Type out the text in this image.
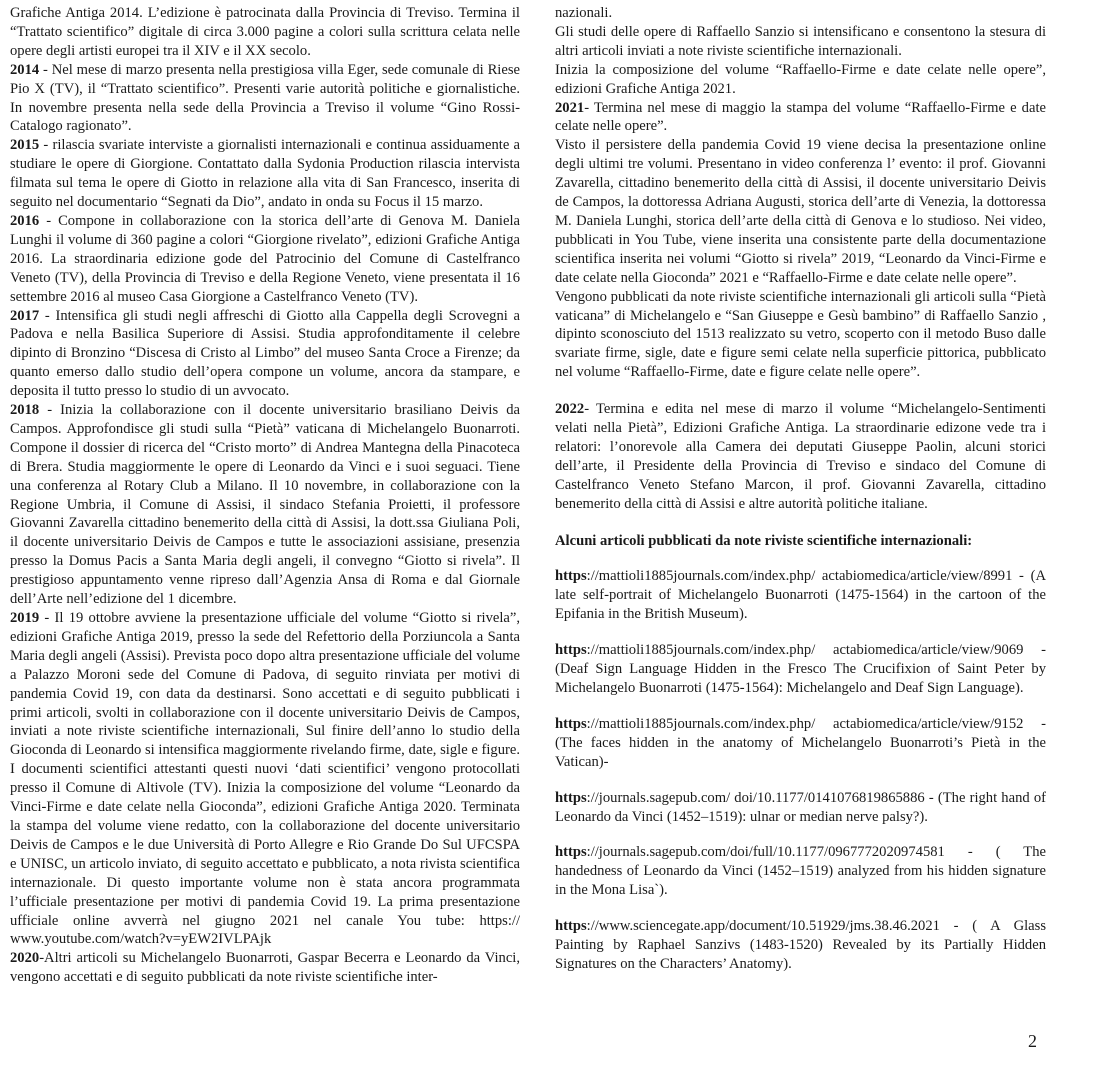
Grafiche Antiga 2014. L’edizione è patrocinata dalla Provincia di Treviso. Termina il “Trattato scientifico” digitale di circa 3.000 pagine a colori sulla scrittura celata nelle opere degli artisti europei tra il XIV e il XX secolo.

2014 - Nel mese di marzo presenta nella prestigiosa villa Eger, sede comunale di Riese Pio X (TV), il “Trattato scientifico”. Presenti varie autorità politiche e giornalistiche. In novembre presenta nella sede della Provincia a Treviso il volume “Gino Rossi-Catalogo ragionato”.

2015 - rilascia svariate interviste a giornalisti internazionali e continua assiduamente a studiare le opere di Giorgione. Contattato dalla Sydonia Production rilascia intervista filmata sul tema le opere di Giotto in relazione alla vita di San Francesco, inserita di seguito nel documentario “Segnati da Dio”, andato in onda su Focus il 15 marzo.

2016 - Compone in collaborazione con la storica dell’arte di Genova M. Daniela Lunghi il volume di 360 pagine a colori “Giorgione rivelato”, edizioni Grafiche Antiga 2016. La straordinaria edizione gode del Patrocinio del Comune di Castelfranco Veneto (TV), della Provincia di Treviso e della Regione Veneto, viene presentata il 16 settembre 2016 al museo Casa Giorgione a Castelfranco Veneto (TV).

2017 - Intensifica gli studi negli affreschi di Giotto alla Cappella degli Scrovegni a Padova e nella Basilica Superiore di Assisi. Studia approfonditamente il celebre dipinto di Bronzino “Discesa di Cristo al Limbo” del museo Santa Croce a Firenze; da quanto emerso dallo studio dell’opera compone un volume, ancora da stampare, e deposita il tutto presso lo studio di un avvocato.

2018 - Inizia la collaborazione con il docente universitario brasiliano Deivis da Campos. Approfondisce gli studi sulla “Pietà” vaticana di Michelangelo Buonarroti. Compone il dossier di ricerca del “Cristo morto” di Andrea Mantegna della Pinacoteca di Brera. Studia maggiormente le opere di Leonardo da Vinci e i suoi seguaci. Tiene una conferenza al Rotary Club a Milano. Il 10 novembre, in collaborazione con la Regione Umbria, il Comune di Assisi, il sindaco Stefania Proietti, il professore Giovanni Zavarella cittadino benemerito della città di Assisi, la dott.ssa Giuliana Poli, il docente universitario Deivis de Campos e tutte le associazioni assisiane, presenzia presso la Domus Pacis a Santa Maria degli angeli, il convegno “Giotto si rivela”. Il prestigioso appuntamento venne ripreso dall’Agenzia Ansa di Roma e dal Giornale dell’Arte nell’edizione del 1 dicembre.

2019 - Il 19 ottobre avviene la presentazione ufficiale del volume “Giotto si rivela”, edizioni Grafiche Antiga 2019, presso la sede del Refettorio della Porziuncola a Santa Maria degli angeli (Assisi). Prevista poco dopo altra presentazione ufficiale del volume a Palazzo Moroni sede del Comune di Padova, di seguito rinviata per motivi di pandemia Covid 19, con data da destinarsi. Sono accettati e di seguito pubblicati i primi articoli, svolti in collaborazione con il docente universitario Deivis de Campos, inviati a note riviste scientifiche internazionali, Sul finire dell’anno lo studio della Gioconda di Leonardo si intensifica maggiormente rivelando firme, date, sigle e figure. I documenti scientifici attestanti questi nuovi ‘dati scientifici’ vengono protocollati presso il Comune di Altivole (TV). Inizia la composizione del volume “Leonardo da Vinci-Firme e date celate nella Gioconda”, edizioni Grafiche Antiga 2020. Terminata la stampa del volume viene redatto, con la collaborazione del docente universitario Deivis de Campos e le due Università di Porto Allegre e Rio Grande Do Sul UFCSPA e UNISC, un articolo inviato, di seguito accettato e pubblicato, a nota rivista scientifica internazionale. Di questo importante volume non è stata ancora programmata l’ufficiale presentazione per motivi di pandemia Covid 19. La prima presentazione ufficiale online avverrà nel giugno 2021 nel canale You tube: https:// www.youtube.com/watch?v=yEW2IVLPAjk

2020-Altri articoli su Michelangelo Buonarroti, Gaspar Becerra e Leonardo da Vinci, vengono accettati e di seguito pubblicati da note riviste scientifiche inter-

nazionali.

Gli studi delle opere di Raffaello Sanzio si intensificano e consentono la stesura di altri articoli inviati a note riviste scientifiche internazionali.

Inizia la composizione del volume “Raffaello-Firme e date celate nelle opere”, edizioni Grafiche Antiga 2021.

2021- Termina nel mese di maggio la stampa del volume “Raffaello-Firme e date celate nelle opere”.

Visto il persistere della pandemia Covid 19 viene decisa la presentazione online degli ultimi tre volumi. Presentano in video conferenza l’ evento: il prof. Giovanni Zavarella, cittadino benemerito della città di Assisi, il docente universitario Deivis de Campos, la dottoressa Adriana Augusti, storica dell’arte di Venezia, la dottoressa M. Daniela Lunghi, storica dell’arte della città di Genova e lo studioso. Nei video, pubblicati in You Tube, viene inserita una consistente parte della documentazione scientifica inserita nei volumi “Giotto si rivela” 2019, “Leonardo da Vinci-Firme e date celate nella Gioconda” 2021 e “Raffaello-Firme e date celate nelle opere”.

Vengono pubblicati da note riviste scientifiche internazionali gli articoli sulla “Pietà vaticana” di Michelangelo e “San Giuseppe e Gesù bambino” di Raffaello Sanzio , dipinto sconosciuto del 1513 realizzato su vetro, scoperto con il metodo Buso dalle svariate firme, sigle, date e figure semi celate nella superficie pittorica, pubblicato nel volume “Raffaello-Firme, date e figure celate nelle opere”.

2022- Termina e edita nel mese di marzo il volume “Michelangelo-Sentimenti velati nella Pietà”, Edizioni Grafiche Antiga. La straordinarie edizone vede tra i relatori: l’onorevole alla Camera dei deputati Giuseppe Paolin, alcuni storici dell’arte, il Presidente della Provincia di Treviso e sindaco del Comune di Castelfranco Veneto Stefano Marcon, il prof. Giovanni Zavarella, cittadino benemerito della città di Assisi e altre autorità politiche italiane.

Alcuni articoli pubblicati da note riviste scientifiche internazionali:

https://mattioli1885journals.com/index.php/ actabiomedica/article/view/8991 - (A late self-portrait of Michelangelo Buonarroti (1475-1564) in the cartoon of the Epifania in the British Museum).

https://mattioli1885journals.com/index.php/ actabiomedica/article/view/9069 - (Deaf Sign Language Hidden in the Fresco The Crucifixion of Saint Peter by Michelangelo Buonarroti (1475-1564): Michelangelo and Deaf Sign Language).

https://mattioli1885journals.com/index.php/ actabiomedica/article/view/9152 - (The faces hidden in the anatomy of Michelangelo Buonarroti’s Pietà in the Vatican)-

https://journals.sagepub.com/ doi/10.1177/0141076819865886 - (The right hand of Leonardo da Vinci (1452–1519): ulnar or median nerve palsy?).

https://journals.sagepub.com/doi/full/10.1177/0967772020974581 - ( The handedness of Leonardo da Vinci (1452–1519) analyzed from his hidden signature in the Mona Lisa`).

https://www.sciencegate.app/document/10.51929/jms.38.46.2021 - ( A Glass Painting by Raphael Sanzivs (1483-1520) Revealed by its Partially Hidden Signatures on the Characters’ Anatomy).

2
